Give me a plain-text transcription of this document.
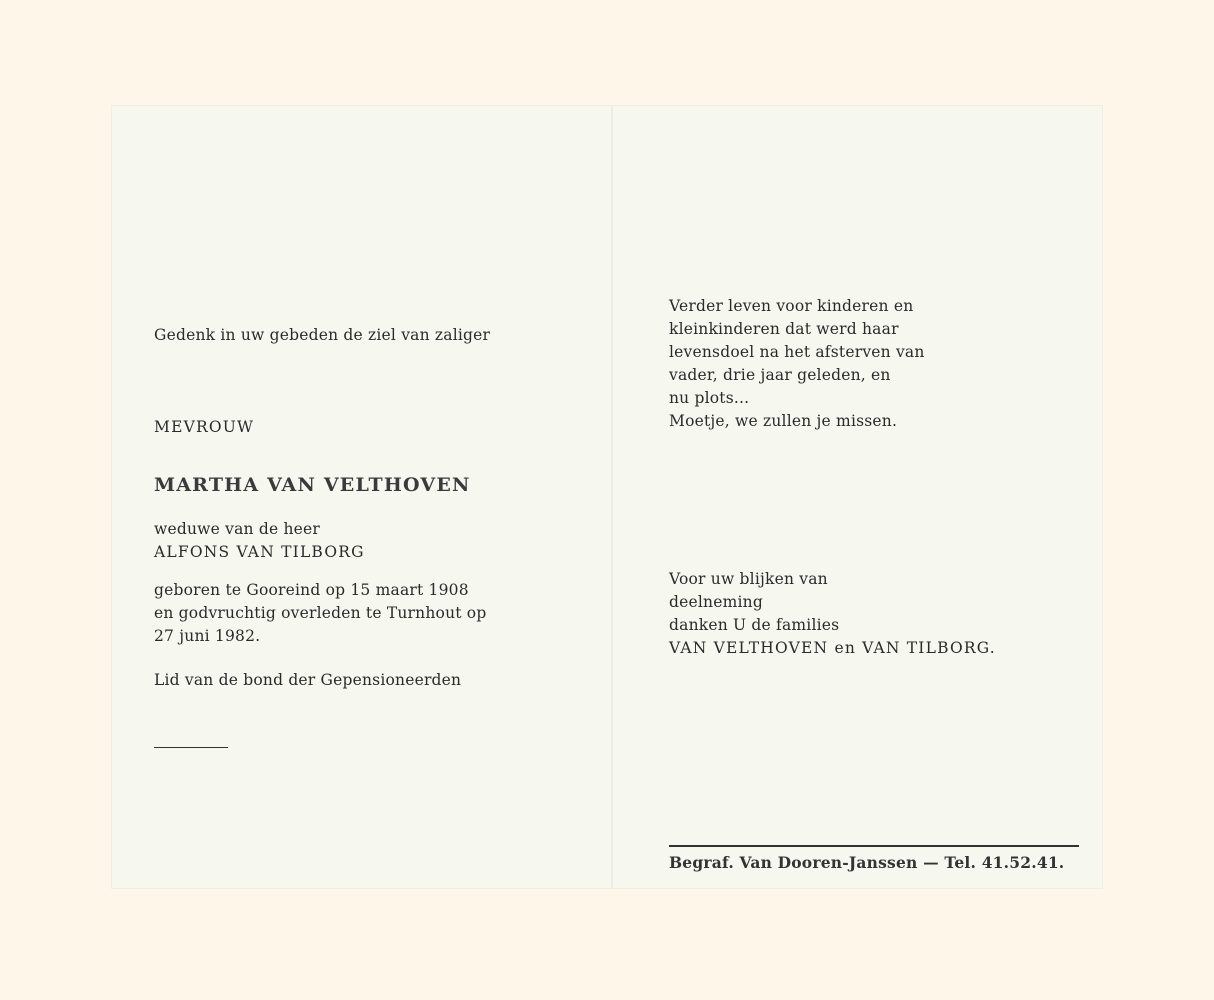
Gedenk in uw gebeden de ziel van zaliger
MEVROUW
MARTHA VAN VELTHOVEN
weduwe van de heer
ALFONS VAN TILBORG
geboren te Gooreind op 15 maart 1908
en godvruchtig overleden te Turnhout op
27 juni 1982.
Lid van de bond der Gepensioneerden
Verder leven voor kinderen en
kleinkinderen dat werd haar
levensdoel na het afsterven van
vader, drie jaar geleden, en
nu plots...
Moetje, we zullen je missen.
Voor uw blijken van
deelneming
danken U de families
VAN VELTHOVEN en VAN TILBORG.
Begraf. Van Dooren-Janssen — Tel. 41.52.41.
